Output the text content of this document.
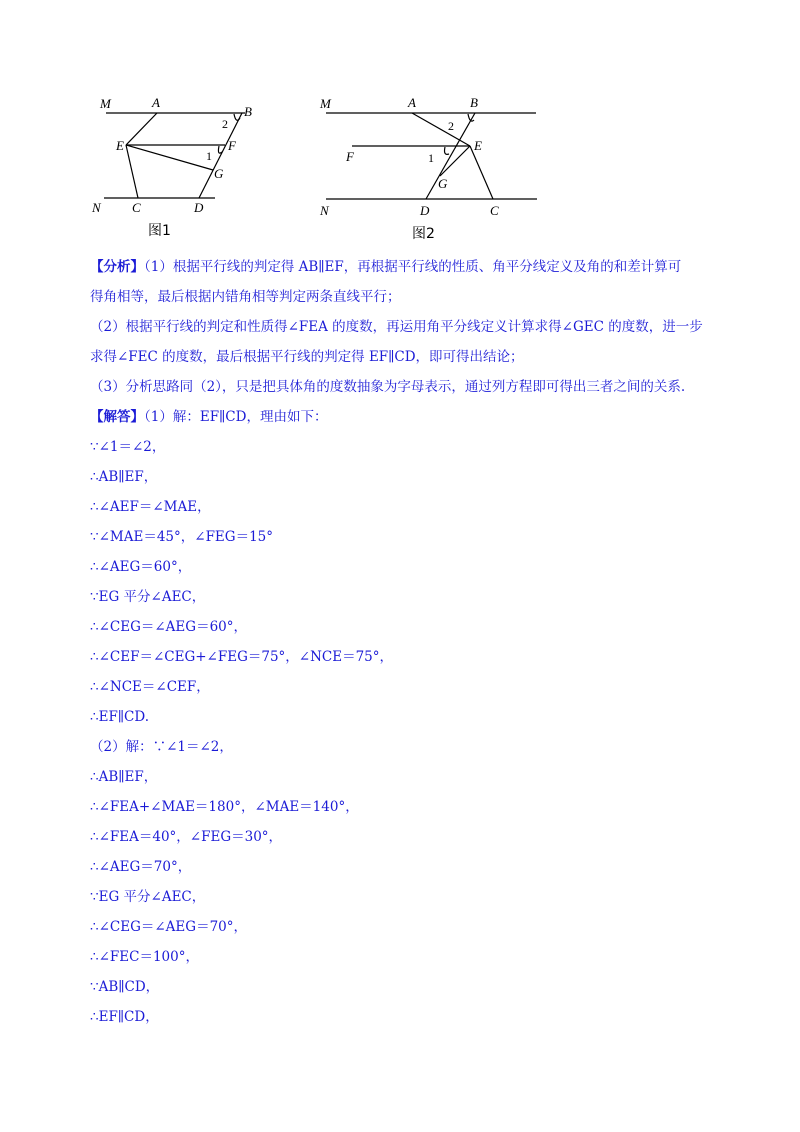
M	A
B
E	F
G
N C	D
2
1
图1
M	A	B
F
E
G
N	D	C
2
1
图2

【分析】（1）根据平行线的判定得 AB∥EF，再根据平行线的性质、角平分线定义及角的和差计算可

得角相等，最后根据内错角相等判定两条直线平行；

（2）根据平行线的判定和性质得∠FEA 的度数，再运用角平分线定义计算求得∠GEC 的度数，进一步

求得∠FEC 的度数，最后根据平行线的判定得 EF∥CD，即可得出结论；

（3）分析思路同（2），只是把具体角的度数抽象为字母表示，通过列方程即可得出三者之间的关系.

【解答】（1）解：EF∥CD，理由如下：

∵∠1＝∠2，

∴AB∥EF，

∴∠AEF＝∠MAE，

∵∠MAE＝45°，∠FEG＝15°

∴∠AEG＝60°，

∵EG 平分∠AEC，

∴∠CEG＝∠AEG＝60°，

∴∠CEF＝∠CEG+∠FEG＝75°，∠NCE＝75°，

∴∠NCE＝∠CEF，

∴EF∥CD.

（2）解：∵∠1＝∠2，

∴AB∥EF，

∴∠FEA+∠MAE＝180°，∠MAE＝140°，

∴∠FEA＝40°，∠FEG＝30°，

∴∠AEG＝70°，

∵EG 平分∠AEC，

∴∠CEG＝∠AEG＝70°，

∴∠FEC＝100°，

∵AB∥CD，

∴EF∥CD，
